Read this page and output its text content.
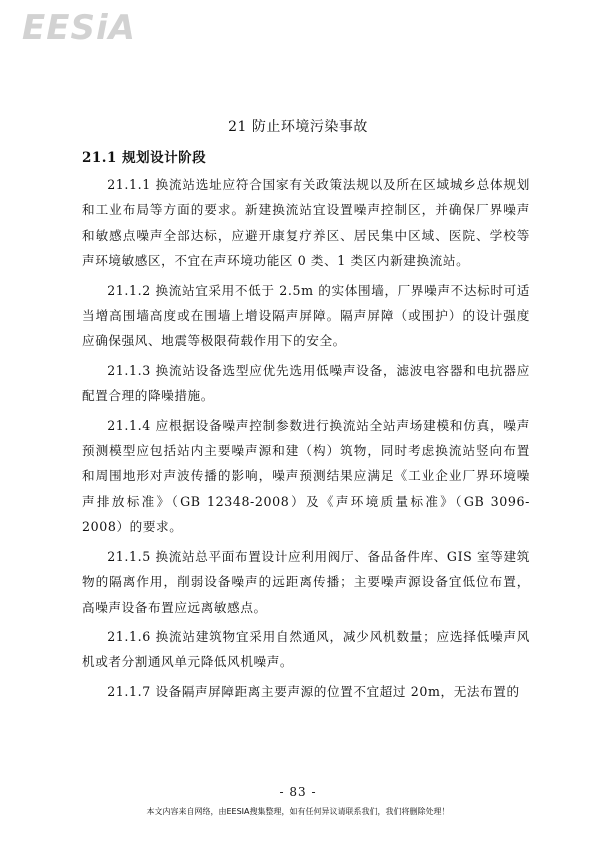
EESiA
21 防止环境污染事故
21.1 规划设计阶段

21.1.1 换流站选址应符合国家有关政策法规以及所在区域城乡总体规划和工业布局等方面的要求。新建换流站宜设置噪声控制区，并确保厂界噪声和敏感点噪声全部达标，应避开康复疗养区、居民集中区域、医院、学校等声环境敏感区，不宜在声环境功能区 0 类、1 类区内新建换流站。

21.1.2 换流站宜采用不低于 2.5m 的实体围墙，厂界噪声不达标时可适当增高围墙高度或在围墙上增设隔声屏障。隔声屏障（或围护）的设计强度应确保强风、地震等极限荷载作用下的安全。

21.1.3 换流站设备选型应优先选用低噪声设备，滤波电容器和电抗器应配置合理的降噪措施。

21.1.4 应根据设备噪声控制参数进行换流站全站声场建模和仿真，噪声预测模型应包括站内主要噪声源和建（构）筑物，同时考虑换流站竖向布置和周围地形对声波传播的影响，噪声预测结果应满足《工业企业厂界环境噪声排放标准》（GB 12348-2008）及《声环境质量标准》（GB 3096-2008）的要求。

21.1.5 换流站总平面布置设计应利用阀厅、备品备件库、GIS 室等建筑物的隔离作用，削弱设备噪声的远距离传播；主要噪声源设备宜低位布置，高噪声设备布置应远离敏感点。

21.1.6 换流站建筑物宜采用自然通风，减少风机数量；应选择低噪声风机或者分割通风单元降低风机噪声。

21.1.7 设备隔声屏障距离主要声源的位置不宜超过 20m，无法布置的

- 83 -
本文内容来自网络，由EESIA搜集整理，如有任何异议请联系我们，我们将删除处理！
